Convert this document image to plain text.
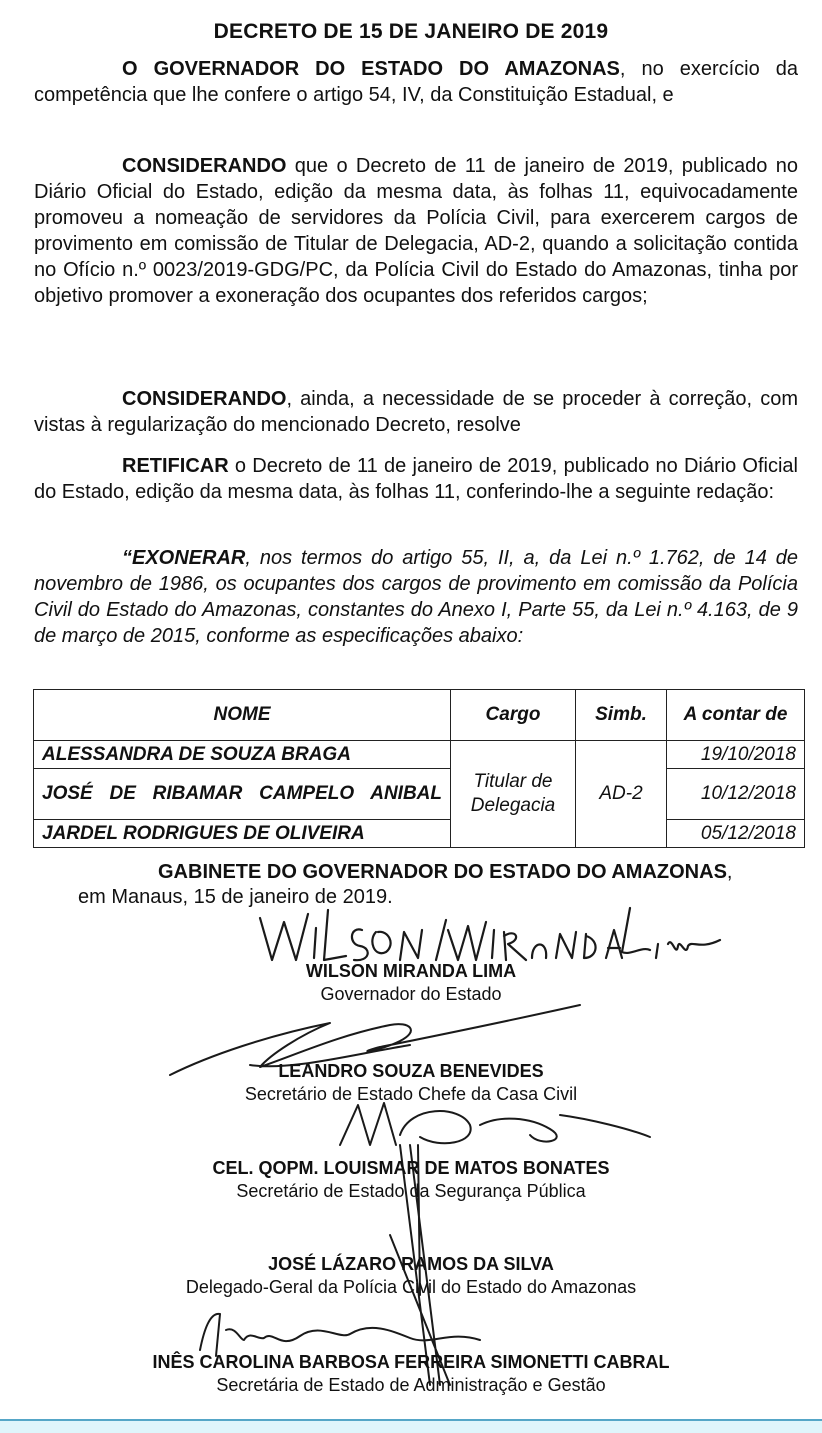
DECRETO DE 15 DE JANEIRO DE 2019
O GOVERNADOR DO ESTADO DO AMAZONAS, no exercício da competência que lhe confere o artigo 54, IV, da Constituição Estadual, e
CONSIDERANDO que o Decreto de 11 de janeiro de 2019, publicado no Diário Oficial do Estado, edição da mesma data, às folhas 11, equivocadamente promoveu a nomeação de servidores da Polícia Civil, para exercerem cargos de provimento em comissão de Titular de Delegacia, AD-2, quando a solicitação contida no Ofício n.º 0023/2019-GDG/PC, da Polícia Civil do Estado do Amazonas, tinha por objetivo promover a exoneração dos ocupantes dos referidos cargos;
CONSIDERANDO, ainda, a necessidade de se proceder à correção, com vistas à regularização do mencionado Decreto, resolve
RETIFICAR o Decreto de 11 de janeiro de 2019, publicado no Diário Oficial do Estado, edição da mesma data, às folhas 11, conferindo-lhe a seguinte redação:
“EXONERAR, nos termos do artigo 55, II, a, da Lei n.º 1.762, de 14 de novembro de 1986, os ocupantes dos cargos de provimento em comissão da Polícia Civil do Estado do Amazonas, constantes do Anexo I, Parte 55, da Lei n.º 4.163, de 9 de março de 2015, conforme as especificações abaixo:
NOME	Cargo	Simb.	A contar de
ALESSANDRA DE SOUZA BRAGA	Titular de Delegacia	AD-2	19/10/2018
JOSÉ DE RIBAMAR CAMPELO ANIBAL			10/12/2018
JARDEL RODRIGUES DE OLIVEIRA			05/12/2018
GABINETE DO GOVERNADOR DO ESTADO DO AMAZONAS, em Manaus, 15 de janeiro de 2019.
WILSON MIRANDA LIMA
Governador do Estado
LEANDRO SOUZA BENEVIDES
Secretário de Estado Chefe da Casa Civil
CEL. QOPM. LOUISMAR DE MATOS BONATES
Secretário de Estado da Segurança Pública
JOSÉ LÁZARO RAMOS DA SILVA
Delegado-Geral da Polícia Civil do Estado do Amazonas
INÊS CAROLINA BARBOSA FERREIRA SIMONETTI CABRAL
Secretária de Estado de Administração e Gestão
